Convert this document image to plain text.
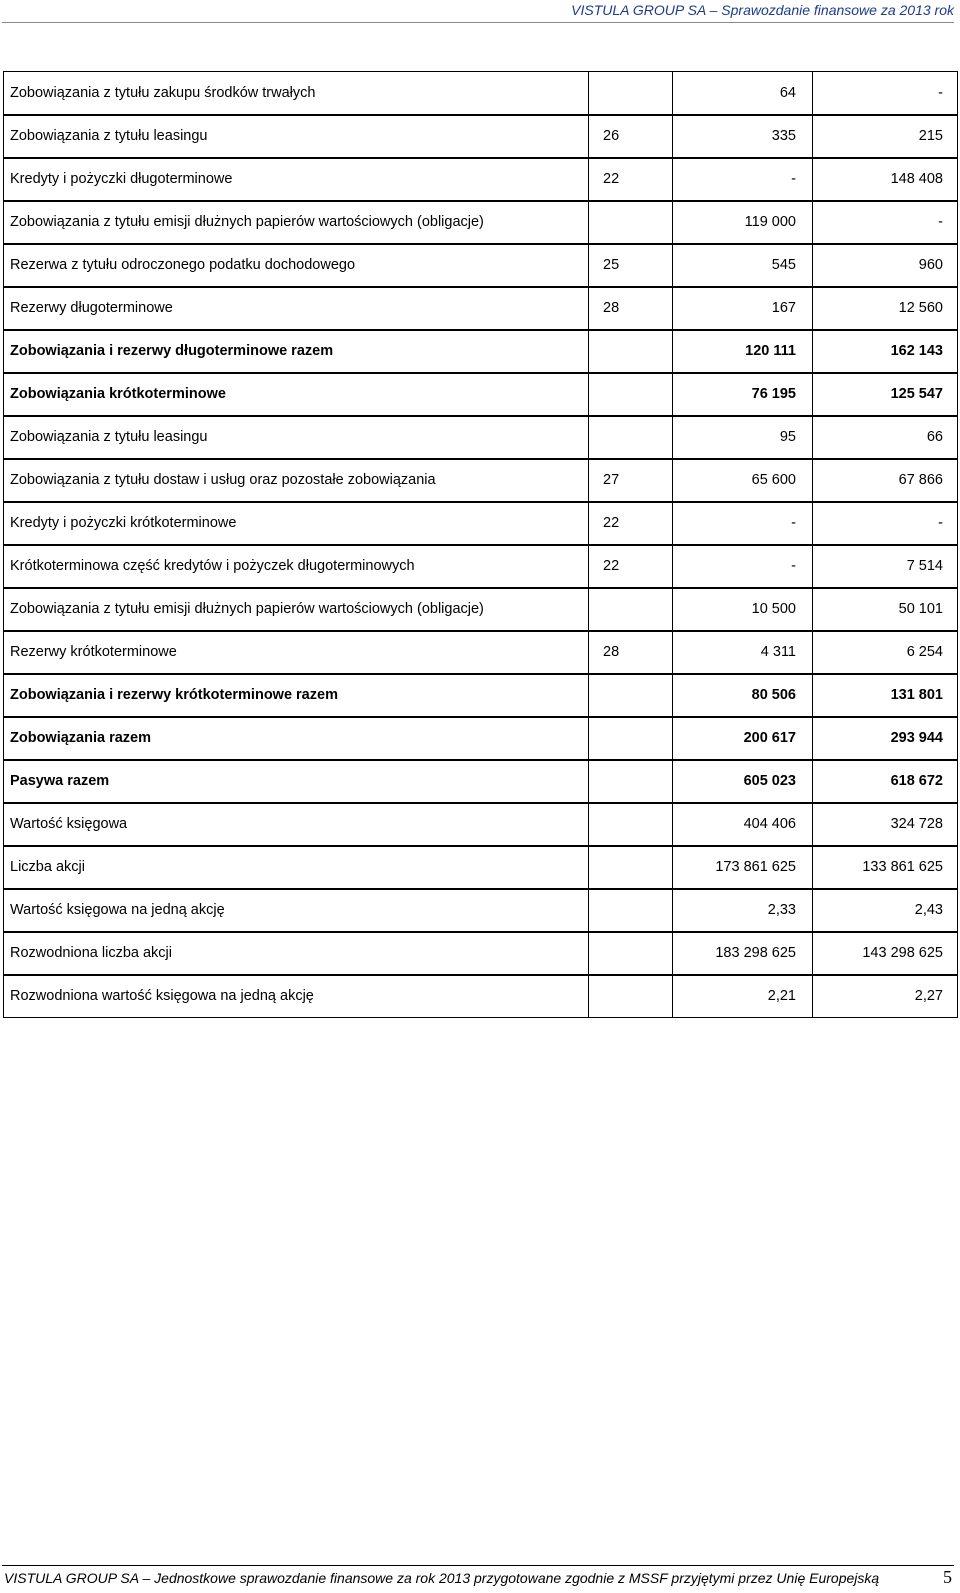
VISTULA GROUP SA – Sprawozdanie finansowe za 2013 rok
Zobowiązania z tytułu zakupu środków trwałych		64	-
Zobowiązania z tytułu leasingu	26	335	215
Kredyty i pożyczki długoterminowe	22	-	148 408
Zobowiązania z tytułu emisji dłużnych papierów wartościowych (obligacje)		119 000	-
Rezerwa z tytułu odroczonego podatku dochodowego	25	545	960
Rezerwy długoterminowe	28	167	12 560
Zobowiązania i rezerwy długoterminowe razem		120 111	162 143
Zobowiązania krótkoterminowe		76 195	125 547
Zobowiązania z tytułu leasingu		95	66
Zobowiązania z tytułu dostaw i usług oraz pozostałe zobowiązania	27	65 600	67 866
Kredyty i pożyczki krótkoterminowe	22	-	-
Krótkoterminowa część kredytów i pożyczek długoterminowych	22	-	7 514
Zobowiązania z tytułu emisji dłużnych papierów wartościowych (obligacje)		10 500	50 101
Rezerwy krótkoterminowe	28	4 311	6 254
Zobowiązania i rezerwy krótkoterminowe razem		80 506	131 801
Zobowiązania razem		200 617	293 944
Pasywa razem		605 023	618 672
Wartość księgowa		404 406	324 728
Liczba akcji		173 861 625	133 861 625
Wartość księgowa na jedną akcję		2,33	2,43
Rozwodniona liczba akcji		183 298 625	143 298 625
Rozwodniona wartość księgowa na jedną akcję		2,21	2,27
VISTULA GROUP SA – Jednostkowe sprawozdanie finansowe za rok 2013 przygotowane zgodnie z MSSF przyjętymi przez Unię Europejską	5
